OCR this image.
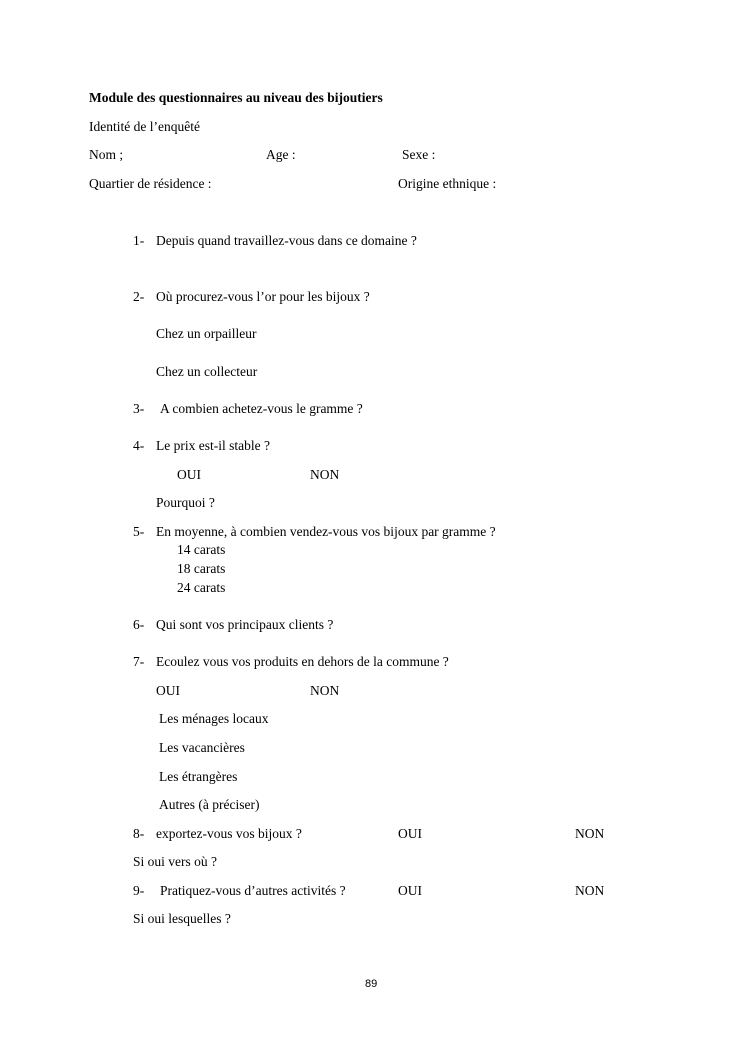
Module des questionnaires au niveau des bijoutiers
Identité de l’enquêté
Nom ;	Age :	Sexe :
Quartier de résidence :	Origine ethnique :
1- Depuis quand travaillez-vous dans ce domaine ?
2- Où procurez-vous l’or pour les bijoux ?
Chez un orpailleur
Chez un collecteur
3- A combien achetez-vous le gramme ?
4- Le prix est-il stable ?
OUI	NON
Pourquoi ?
5- En moyenne, à combien vendez-vous vos bijoux par gramme ?
14 carats
18 carats
24 carats
6- Qui sont vos principaux clients ?
7- Ecoulez vous vos produits en dehors de la commune ?
OUI	NON
Les ménages locaux
Les vacancières
Les étrangères
Autres (à préciser)
8- exportez-vous vos bijoux ?	OUI	NON
Si oui vers où ?
9- Pratiquez-vous d’autres activités ?	OUI	NON
Si oui lesquelles ?
89
